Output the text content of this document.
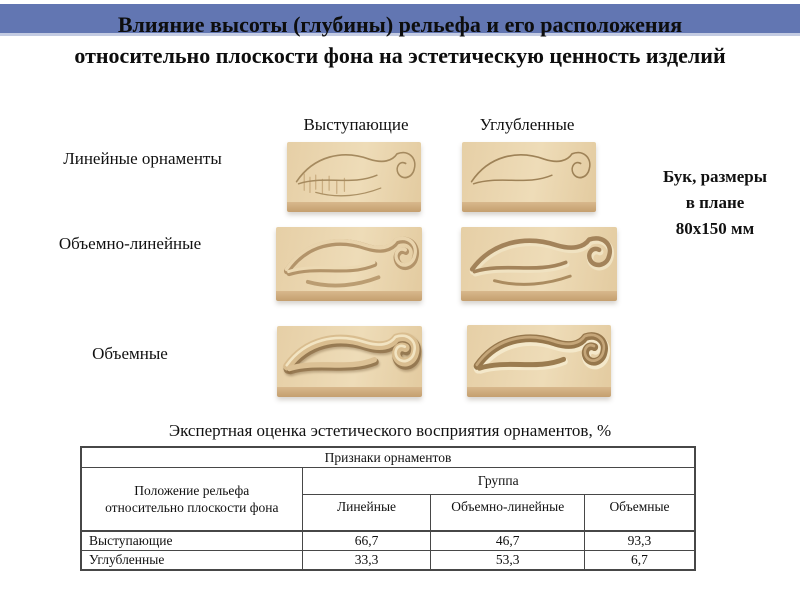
Влияние высоты (глубины) рельефа и его расположения относительно плоскости фона на эстетическую ценность изделий
Выступающие	Углубленные
Линейные орнаменты
Объемно-линейные
Объемные
Бук, размеры
в плане
80х150 мм
Экспертная оценка эстетического восприятия орнаментов, %
Признаки орнаментов			

Положение рельефа относительно плоскости фона	Группа		
	Линейные	Объемно-линейные	Объемные
Выступающие	66,7	46,7	93,3
Углубленные	33,3	53,3	6,7
